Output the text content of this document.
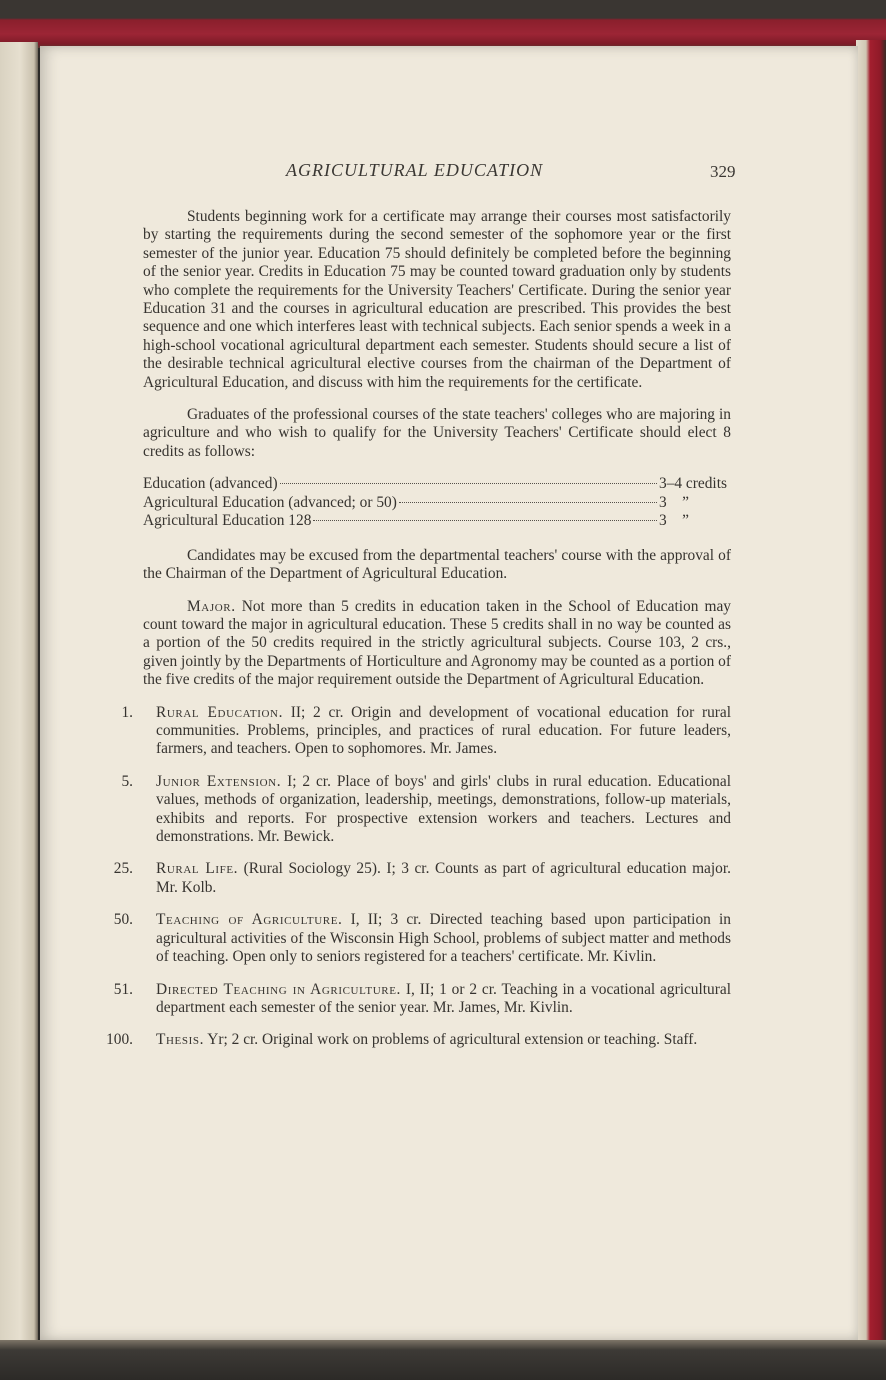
AGRICULTURAL EDUCATION	329

Students beginning work for a certificate may arrange their courses most satisfactorily by starting the requirements during the second semester of the sophomore year or the first semester of the junior year. Education 75 should definitely be completed before the beginning of the senior year. Credits in Education 75 may be counted toward graduation only by students who complete the requirements for the University Teachers' Certificate. During the senior year Education 31 and the courses in agricultural education are prescribed. This provides the best sequence and one which interferes least with technical subjects. Each senior spends a week in a high-school vocational agricultural department each semester. Students should secure a list of the desirable technical agricultural elective courses from the chairman of the Department of Agricultural Education, and discuss with him the requirements for the certificate.

Graduates of the professional courses of the state teachers' colleges who are majoring in agriculture and who wish to qualify for the University Teachers' Certificate should elect 8 credits as follows:

Education (advanced)	3–4 credits
Agricultural Education (advanced; or 50)	3    ”
Agricultural Education 128	3    ”

Candidates may be excused from the departmental teachers' course with the approval of the Chairman of the Department of Agricultural Education.

Major. Not more than 5 credits in education taken in the School of Education may count toward the major in agricultural education. These 5 credits shall in no way be counted as a portion of the 50 credits required in the strictly agricultural subjects. Course 103, 2 crs., given jointly by the Departments of Horticulture and Agronomy may be counted as a portion of the five credits of the major requirement outside the Department of Agricultural Education.

1. Rural Education. II; 2 cr. Origin and development of vocational education for rural communities. Problems, principles, and practices of rural education. For future leaders, farmers, and teachers. Open to sophomores. Mr. James.

5. Junior Extension. I; 2 cr. Place of boys' and girls' clubs in rural education. Educational values, methods of organization, leadership, meetings, demonstrations, follow-up materials, exhibits and reports. For prospective extension workers and teachers. Lectures and demonstrations. Mr. Bewick.

25. Rural Life. (Rural Sociology 25). I; 3 cr. Counts as part of agricultural education major. Mr. Kolb.

50. Teaching of Agriculture. I, II; 3 cr. Directed teaching based upon participation in agricultural activities of the Wisconsin High School, problems of subject matter and methods of teaching. Open only to seniors registered for a teachers' certificate. Mr. Kivlin.

51. Directed Teaching in Agriculture. I, II; 1 or 2 cr. Teaching in a vocational agricultural department each semester of the senior year. Mr. James, Mr. Kivlin.

100. Thesis. Yr; 2 cr. Original work on problems of agricultural extension or teaching. Staff.
